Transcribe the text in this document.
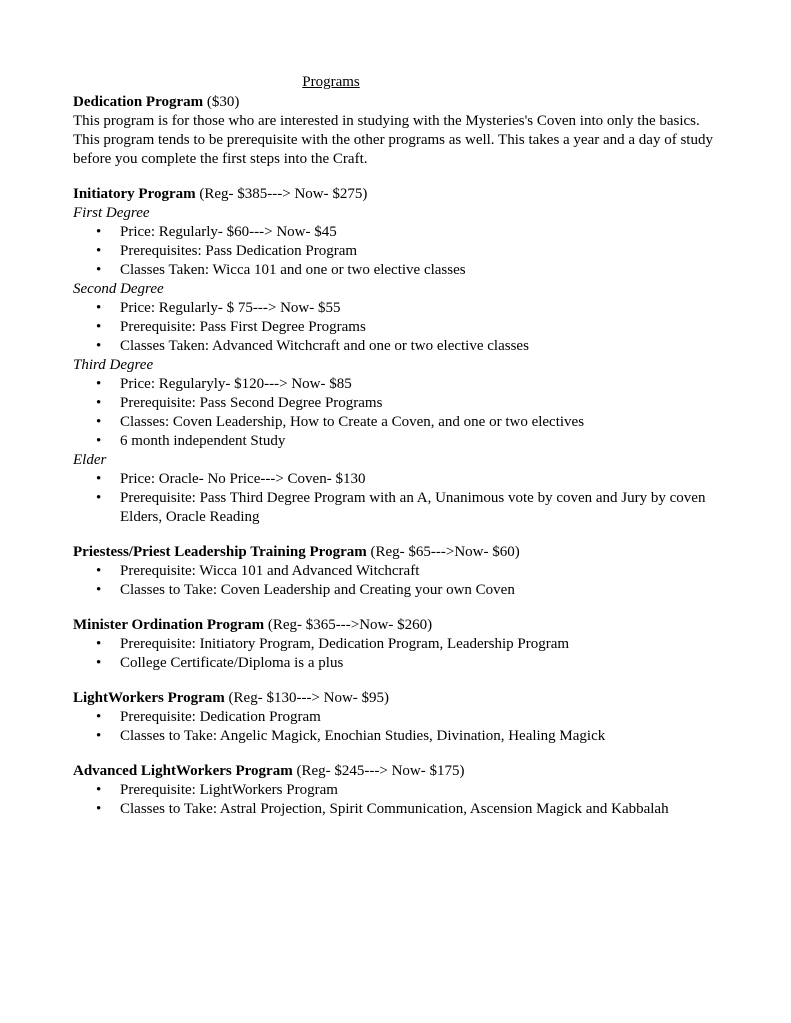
Programs

Dedication Program ($30)

This program is for those who are interested in studying with the Mysteries's Coven into only the basics. This program tends to be prerequisite with the other programs as well. This takes a year and a day of study before you complete the first steps into the Craft.

Initiatory Program (Reg- $385---> Now- $275)

First Degree

• Price: Regularly- $60---> Now- $45
• Prerequisites: Pass Dedication Program
• Classes Taken: Wicca 101 and one or two elective classes

Second Degree

• Price: Regularly- $ 75---> Now- $55
• Prerequisite: Pass First Degree Programs
• Classes Taken: Advanced Witchcraft and one or two elective classes

Third Degree

• Price: Regularyly- $120---> Now- $85
• Prerequisite: Pass Second Degree Programs
• Classes: Coven Leadership, How to Create a Coven, and one or two electives
• 6 month independent Study

Elder

• Price: Oracle- No Price---> Coven- $130
• Prerequisite: Pass Third Degree Program with an A, Unanimous vote by coven and Jury by coven Elders, Oracle Reading

Priestess/Priest Leadership Training Program (Reg- $65--->Now- $60)

• Prerequisite: Wicca 101 and Advanced Witchcraft
• Classes to Take: Coven Leadership and Creating your own Coven

Minister Ordination Program (Reg- $365--->Now- $260)

• Prerequisite: Initiatory Program, Dedication Program, Leadership Program
• College Certificate/Diploma is a plus

LightWorkers Program (Reg- $130---> Now- $95)

• Prerequisite: Dedication Program
• Classes to Take: Angelic Magick, Enochian Studies, Divination, Healing Magick

Advanced LightWorkers Program (Reg- $245---> Now- $175)

• Prerequisite: LightWorkers Program
• Classes to Take: Astral Projection, Spirit Communication, Ascension Magick and Kabbalah
